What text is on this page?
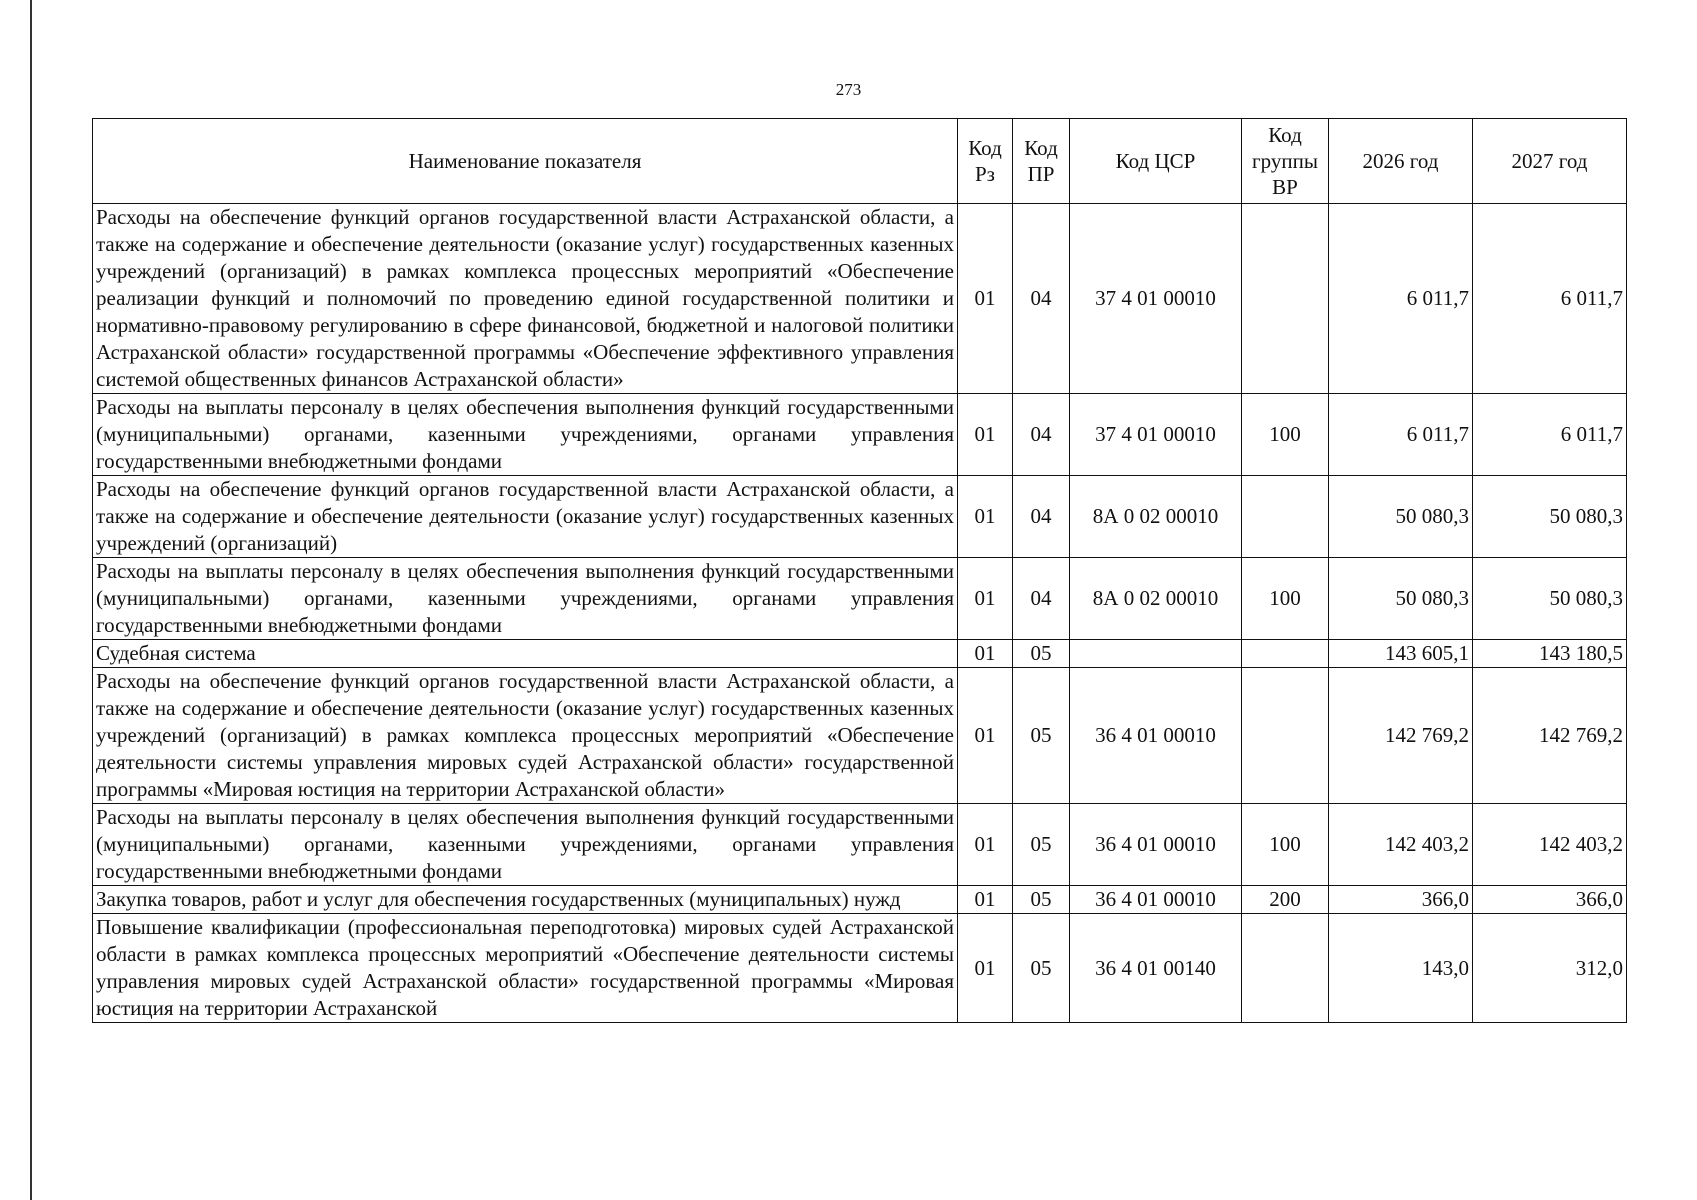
273
Наименование показателя	Код Рз	Код ПР	Код ЦСР	Код группы ВР	2026 год	2027 год
Расходы на обеспечение функций органов государственной власти Астраханской области, а также на содержание и обеспечение деятельности (оказание услуг) государственных казенных учреждений (организаций) в рамках комплекса процессных мероприятий «Обеспечение реализации функций и полномочий по проведению единой государственной политики и нормативно-правовому регулированию в сфере финансовой, бюджетной и налоговой политики Астраханской области» государственной программы «Обеспечение эффективного управления системой общественных финансов Астраханской области»	01	04	37 4 01 00010		6 011,7	6 011,7
Расходы на выплаты персоналу в целях обеспечения выполнения функций государственными (муниципальными) органами, казенными учреждениями, органами управления государственными внебюджетными фондами	01	04	37 4 01 00010	100	6 011,7	6 011,7
Расходы на обеспечение функций органов государственной власти Астраханской области, а также на содержание и обеспечение деятельности (оказание услуг) государственных казенных учреждений (организаций)	01	04	8А 0 02 00010		50 080,3	50 080,3
Расходы на выплаты персоналу в целях обеспечения выполнения функций государственными (муниципальными) органами, казенными учреждениями, органами управления государственными внебюджетными фондами	01	04	8А 0 02 00010	100	50 080,3	50 080,3
Судебная система	01	05			143 605,1	143 180,5
Расходы на обеспечение функций органов государственной власти Астраханской области, а также на содержание и обеспечение деятельности (оказание услуг) государственных казенных учреждений (организаций) в рамках комплекса процессных мероприятий «Обеспечение деятельности системы управления мировых судей Астраханской области» государственной программы «Мировая юстиция на территории Астраханской области»	01	05	36 4 01 00010		142 769,2	142 769,2
Расходы на выплаты персоналу в целях обеспечения выполнения функций государственными (муниципальными) органами, казенными учреждениями, органами управления государственными внебюджетными фондами	01	05	36 4 01 00010	100	142 403,2	142 403,2
Закупка товаров, работ и услуг для обеспечения государственных (муниципальных) нужд	01	05	36 4 01 00010	200	366,0	366,0
Повышение квалификации (профессиональная переподготовка) мировых судей Астраханской области в рамках комплекса процессных мероприятий «Обеспечение деятельности системы управления мировых судей Астраханской области» государственной программы «Мировая юстиция на территории Астраханской	01	05	36 4 01 00140		143,0	312,0
